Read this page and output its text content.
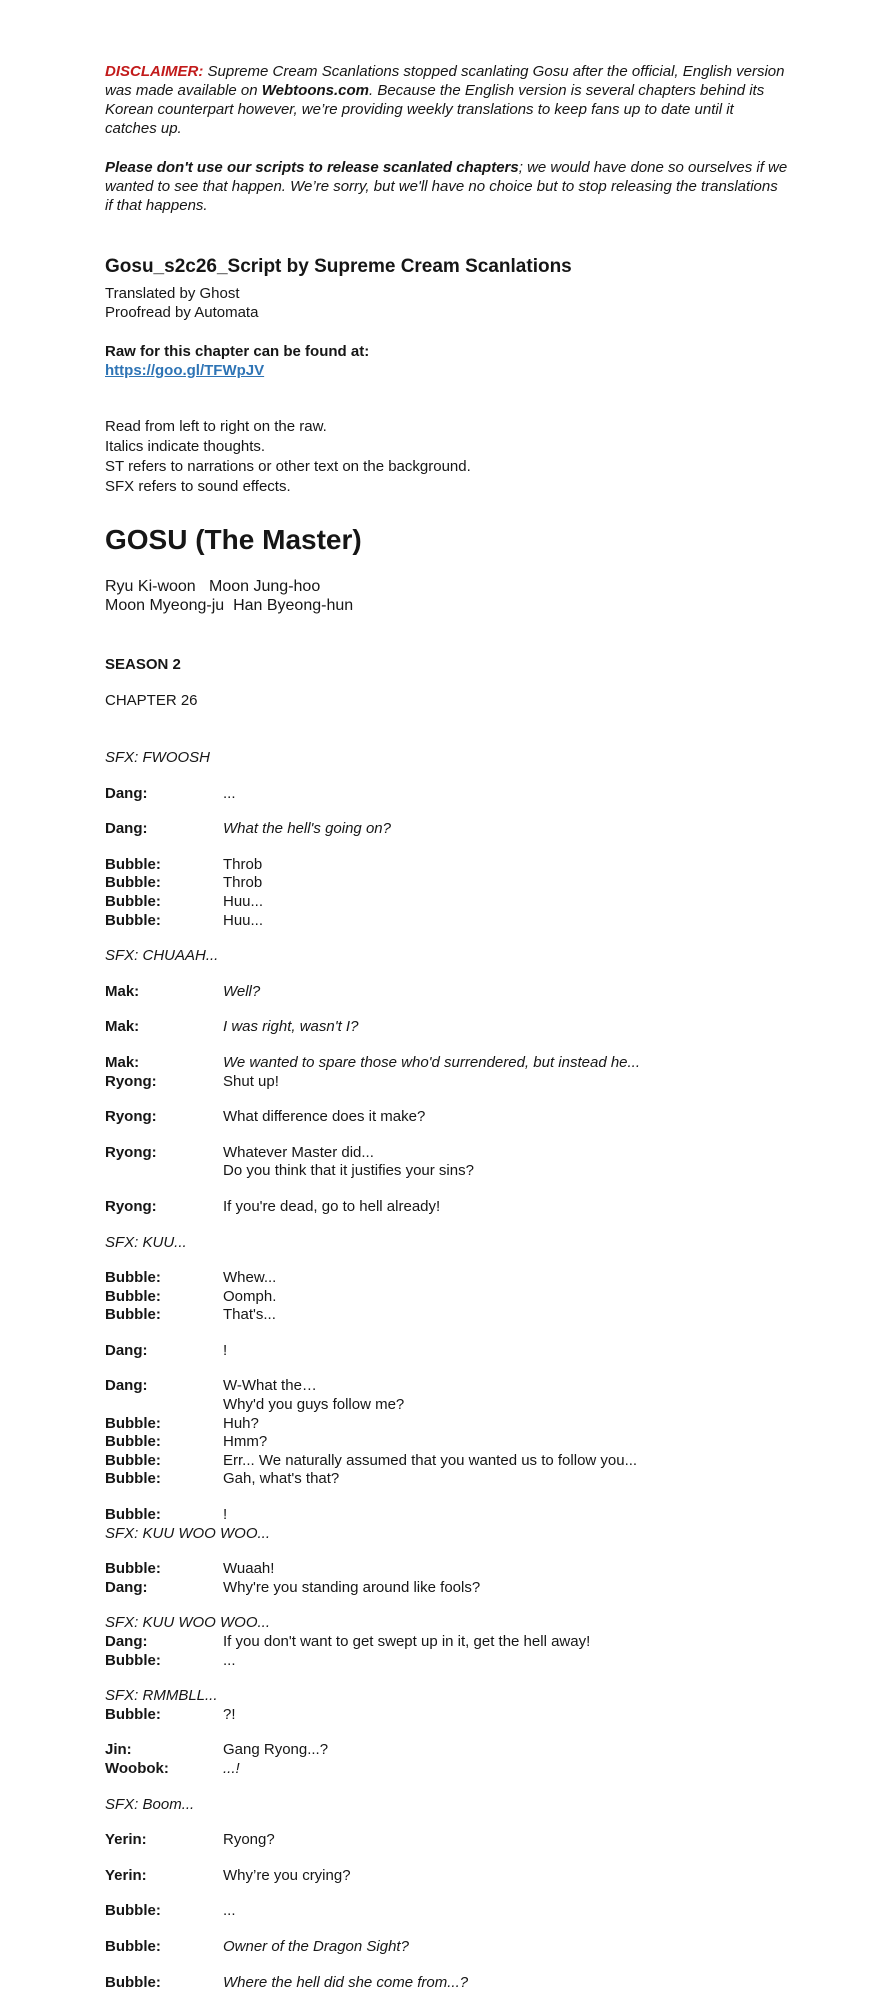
DISCLAIMER: Supreme Cream Scanlations stopped scanlating Gosu after the official, English version
was made available on Webtoons.com. Because the English version is several chapters behind its
Korean counterpart however, we’re providing weekly translations to keep fans up to date until it
catches up.
Please don't use our scripts to release scanlated chapters; we would have done so ourselves if we
wanted to see that happen. We’re sorry, but we'll have no choice but to stop releasing the translations
if that happens.
Gosu_s2c26_Script by Supreme Cream Scanlations
Translated by Ghost
Proofread by Automata
Raw for this chapter can be found at:
https://goo.gl/TFWpJV
Read from left to right on the raw.
Italics indicate thoughts.
ST refers to narrations or other text on the background.
SFX refers to sound effects.
GOSU (The Master)
Ryu Ki-woon   Moon Jung-hoo
Moon Myeong-ju  Han Byeong-hun
SEASON 2
CHAPTER 26
SFX: FWOOSH
Dang:	...
Dang:	What the hell's going on?
Bubble:	Throb
Bubble:	Throb
Bubble:	Huu...
Bubble:	Huu...
SFX: CHUAAH...
Mak:	Well?
Mak:	I was right, wasn't I?
Mak:	We wanted to spare those who'd surrendered, but instead he...
Ryong:	Shut up!
Ryong:	What difference does it make?
Ryong:	Whatever Master did...

Do you think that it justifies your sins?
Ryong:	If you're dead, go to hell already!
SFX: KUU...
Bubble:	Whew...
Bubble:	Oomph.
Bubble:	That's...
Dang:	!
Dang:	W-What the…

Why'd you guys follow me?
Bubble:	Huh?
Bubble:	Hmm?
Bubble:	Err... We naturally assumed that you wanted us to follow you...
Bubble:	Gah, what's that?
Bubble:	!
SFX: KUU WOO WOO...
Bubble:	Wuaah!
Dang:	Why're you standing around like fools?
SFX: KUU WOO WOO...
Dang:	If you don't want to get swept up in it, get the hell away!
Bubble:	...
SFX: RMMBLL...
Bubble:	?!
Jin:	Gang Ryong...?
Woobok:	...!
SFX: Boom...
Yerin:	Ryong?
Yerin:	Why’re you crying?
Bubble:	...
Bubble:	Owner of the Dragon Sight?
Bubble:	Where the hell did she come from...?
